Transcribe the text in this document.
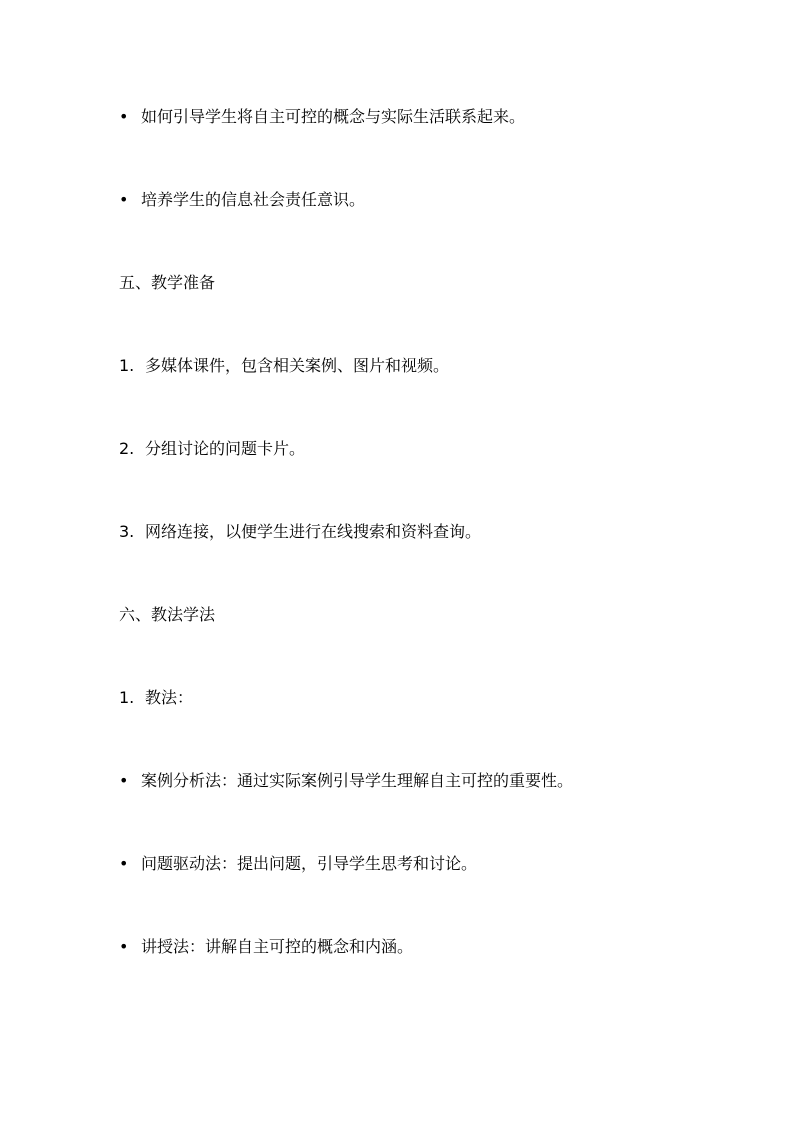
• 如何引导学生将自主可控的概念与实际生活联系起来。
• 培养学生的信息社会责任意识。
五、教学准备
1. 多媒体课件，包含相关案例、图片和视频。
2. 分组讨论的问题卡片。
3. 网络连接，以便学生进行在线搜索和资料查询。
六、教法学法
1. 教法：
• 案例分析法：通过实际案例引导学生理解自主可控的重要性。
• 问题驱动法：提出问题，引导学生思考和讨论。
• 讲授法：讲解自主可控的概念和内涵。
